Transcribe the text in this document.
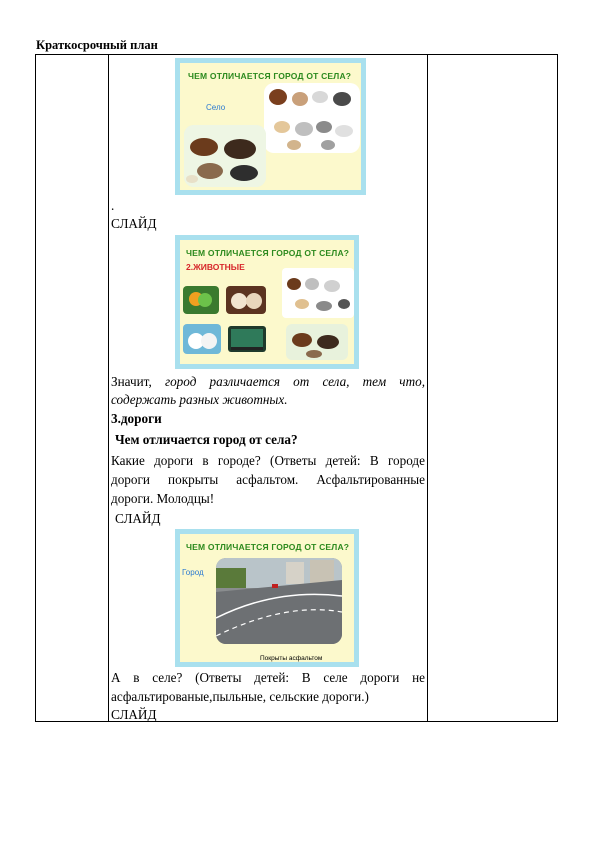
Краткосрочный план
ЧЕМ ОТЛИЧАЕТСЯ ГОРОД ОТ СЕЛА?
Село
.
СЛАЙД
ЧЕМ ОТЛИЧАЕТСЯ ГОРОД ОТ СЕЛА?
2.ЖИВОТНЫЕ
Значит, город различается от села, тем что,
содержать разных животных.
3.дороги
Чем отличается город от села?
Какие дороги в городе? (Ответы детей: В городе
дороги покрыты асфальтом. Асфальтированные
дороги. Молодцы!
СЛАЙД
ЧЕМ ОТЛИЧАЕТСЯ ГОРОД ОТ СЕЛА?
Город
Покрыты асфальтом
А в селе? (Ответы детей: В селе дороги не
асфальтированые,пыльные, сельские дороги.)
СЛАЙД
